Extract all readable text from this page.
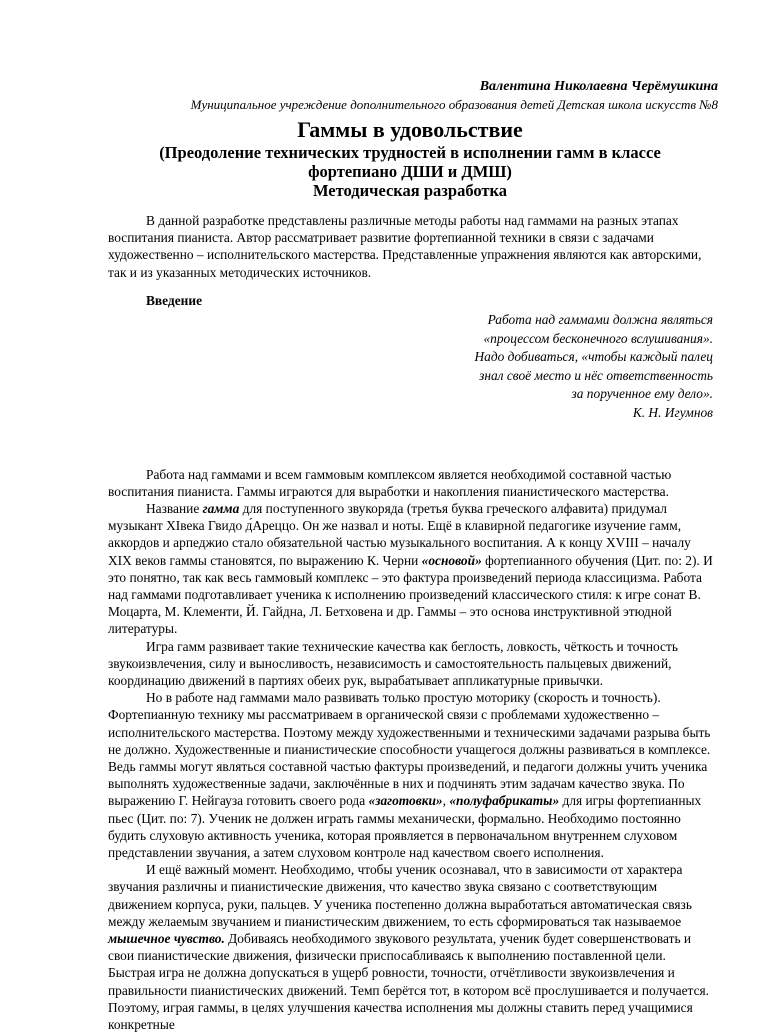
Валентина Николаевна Черёмушкина
Муниципальное учреждение дополнительного образования детей Детская школа искусств №8
Гаммы в удовольствие
(Преодоление технических трудностей в исполнении гамм в классе
фортепиано ДШИ и ДМШ)
Методическая разработка

В данной разработке представлены различные методы работы над гаммами на разных этапах воспитания пианиста. Автор рассматривает развитие фортепианной техники в связи с задачами художественно – исполнительского мастерства. Представленные упражнения являются как авторскими, так и из указанных методических источников.

Введение
Работа над гаммами должна являться
«процессом бесконечного вслушивания».
Надо добиваться, «чтобы каждый палец
знал своё место и нёс ответственность
за порученное ему дело».
К. Н. Игумнов

Работа над гаммами и всем гаммовым комплексом является необходимой составной частью воспитания пианиста. Гаммы играются для выработки и накопления пианистического мастерства.

Название гамма для поступенного звукоряда (третья буква греческого алфавита) придумал музыкант XIвека Гвидо д́Ареццо. Он же назвал и ноты. Ещё в клавирной педагогике изучение гамм, аккордов и арпеджио стало обязательной частью музыкального воспитания. А к концу XVIII – началу XIX веков гаммы становятся, по выражению К. Черни «основой» фортепианного обучения (Цит. по: 2). И это понятно, так как весь гаммовый комплекс – это фактура произведений периода классицизма. Работа над гаммами подготавливает ученика к исполнению произведений классического стиля: к игре сонат В. Моцарта, М. Клементи, Й. Гайдна, Л. Бетховена и др. Гаммы – это основа инструктивной этюдной литературы.

Игра гамм развивает такие технические качества как беглость, ловкость, чёткость и точность звукоизвлечения, силу и выносливость, независимость и самостоятельность пальцевых движений, координацию движений в партиях обеих рук, вырабатывает аппликатурные привычки.

Но в работе над гаммами мало развивать только простую моторику (скорость и точность). Фортепианную технику мы рассматриваем в органической связи с проблемами художественно – исполнительского мастерства. Поэтому между художественными и техническими задачами разрыва быть не должно. Художественные и пианистические способности учащегося должны развиваться в комплексе. Ведь гаммы могут являться составной частью фактуры произведений, и педагоги должны учить ученика выполнять художественные задачи, заключённые в них и подчинять этим задачам качество звука. По выражению Г. Нейгауза готовить своего рода «заготовки», «полуфабрикаты» для игры фортепианных пьес (Цит. по: 7). Ученик не должен играть гаммы механически, формально. Необходимо постоянно будить слуховую активность ученика, которая проявляется в первоначальном внутреннем слуховом представлении звучания, а затем слуховом контроле над качеством своего исполнения.

И ещё важный момент. Необходимо, чтобы ученик осознавал, что в зависимости от характера звучания различны и пианистические движения, что качество звука связано с соответствующим движением корпуса, руки, пальцев. У ученика постепенно должна выработаться автоматическая связь между желаемым звучанием и пианистическим движением, то есть сформироваться так называемое мышечное чувство. Добиваясь необходимого звукового результата, ученик будет совершенствовать и свои пианистические движения, физически приспосабливаясь к выполнению поставленной цели. Быстрая игра не должна допускаться в ущерб ровности, точности, отчётливости звукоизвлечения и правильности пианистических движений. Темп берётся тот, в котором всё прослушивается и получается. Поэтому, играя гаммы, в целях улучшения качества исполнения мы должны ставить перед учащимися конкретные
